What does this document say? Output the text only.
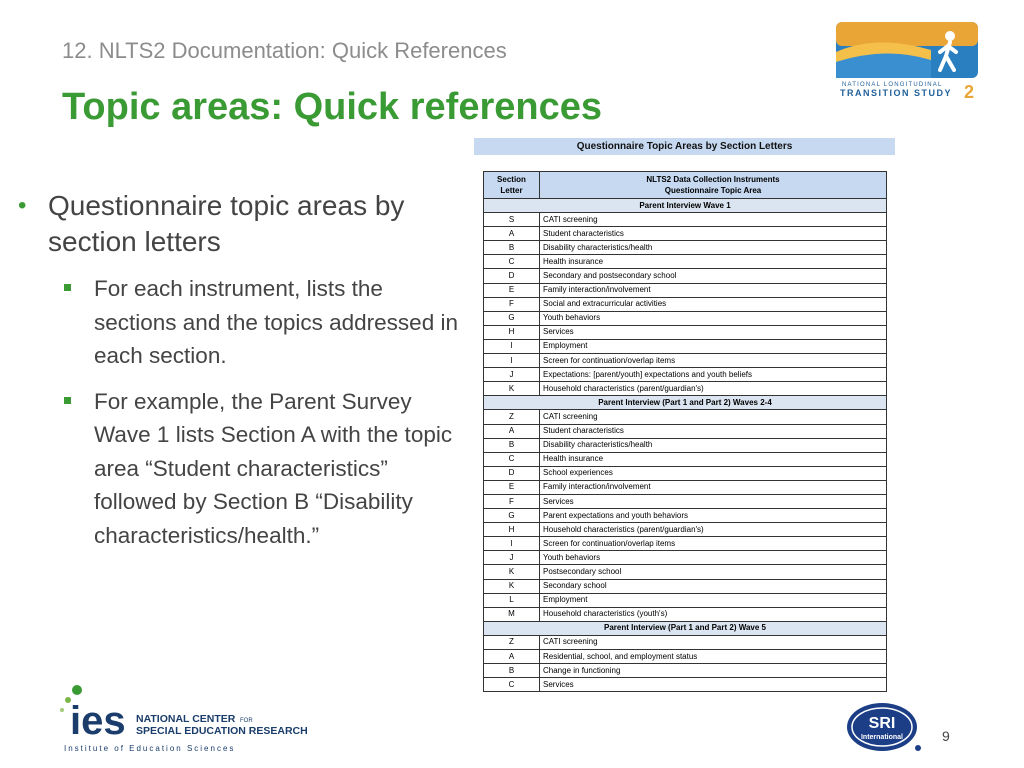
12. NLTS2 Documentation: Quick References
Topic areas: Quick references
NATIONAL LONGITUDINAL
TRANSITION STUDY 2
• Questionnaire topic areas by section letters
For each instrument, lists the sections and the topics addressed in each section.
For example, the Parent Survey Wave 1 lists Section A with the topic area “Student characteristics” followed by Section B “Disability characteristics/health.”
Questionnaire Topic Areas by Section Letters
Section
Letter	NLTS2 Data Collection Instruments
Questionnaire Topic Area
Parent Interview Wave 1	
S	CATI screening
A	Student characteristics
B	Disability characteristics/health
C	Health insurance
D	Secondary and postsecondary school
E	Family interaction/involvement
F	Social and extracurricular activities
G	Youth behaviors
H	Services
I	Employment
I	Screen for continuation/overlap items
J	Expectations: [parent/youth] expectations and youth beliefs
K	Household characteristics (parent/guardian's)
Parent Interview (Part 1 and Part 2) Waves 2-4	
Z	CATI screening
A	Student characteristics
B	Disability characteristics/health
C	Health insurance
D	School experiences
E	Family interaction/involvement
F	Services
G	Parent expectations and youth behaviors
H	Household characteristics (parent/guardian's)
I	Screen for continuation/overlap items
J	Youth behaviors
K	Postsecondary school
K	Secondary school
L	Employment
M	Household characteristics (youth's)
Parent Interview (Part 1 and Part 2) Wave 5	
Z	CATI screening
A	Residential, school, and employment status
B	Change in functioning
C	Services
ies NATIONAL CENTER FOR
SPECIAL EDUCATION RESEARCH
Institute of Education Sciences
SRI
International	9
